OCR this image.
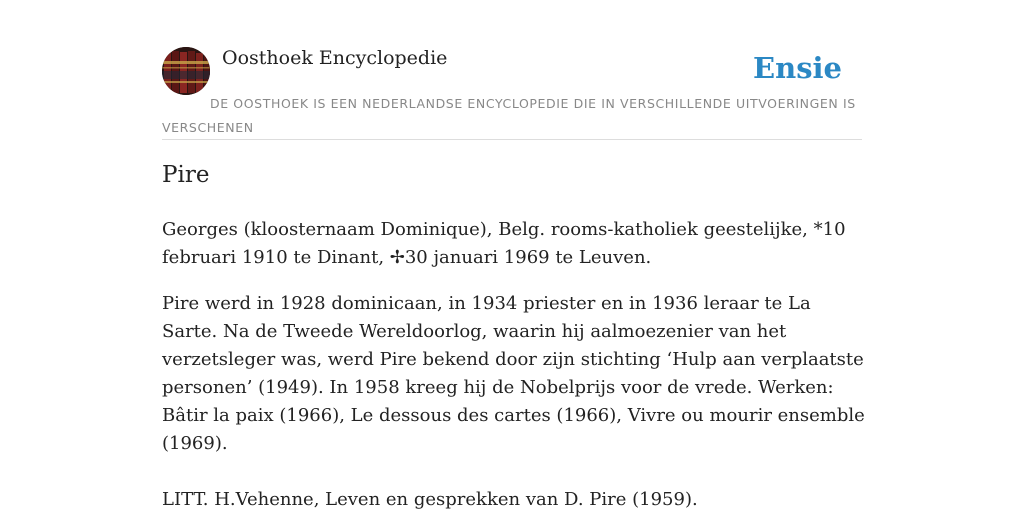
Oosthoek Encyclopedie	Ensie
DE OOSTHOEK IS EEN NEDERLANDSE ENCYCLOPEDIE DIE IN VERSCHILLENDE UITVOERINGEN IS VERSCHENEN
Pire

Georges (kloosternaam Dominique), Belg. rooms-katholiek geestelijke, *10 februari 1910 te Dinant, ✢30 januari 1969 te Leuven.

Pire werd in 1928 dominicaan, in 1934 priester en in 1936 leraar te La Sarte. Na de Tweede Wereldoorlog, waarin hij aalmoezenier van het verzetsleger was, werd Pire bekend door zijn stichting ‘Hulp aan verplaatste personen’ (1949). In 1958 kreeg hij de Nobelprijs voor de vrede. Werken: Bâtir la paix (1966), Le dessous des cartes (1966), Vivre ou mourir ensemble (1969).

LITT. H.Vehenne, Leven en gesprekken van D. Pire (1959).
